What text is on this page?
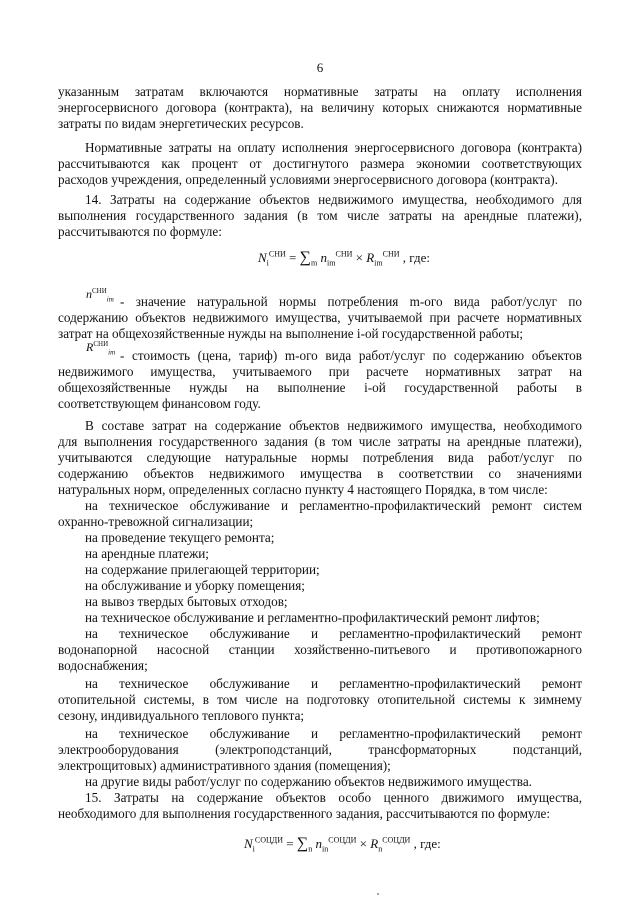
6
указанным затратам включаются нормативные затраты на оплату исполнения
энергосервисного договора (контракта), на величину которых снижаются нормативные
затраты по видам энергетических ресурсов.
Нормативные затраты на оплату исполнения энергосервисного договора (контракта)
рассчитываются как процент от достигнутого размера экономии соответствующих
расходов учреждения, определенный условиями энергосервисного договора (контракта).
14. Затраты на содержание объектов недвижимого имущества, необходимого для
выполнения государственного задания (в том числе затраты на арендные платежи),
рассчитываются по формуле:
$N_i^{СНИ} = \sum_m$ $n_{im}^{СНИ} \times R_{im}^{СНИ}$ , где:
$n^{СНИ}_{im}$ - значение натуральной нормы потребления m-ого вида работ/услуг по
содержанию объектов недвижимого имущества, учитываемой при расчете нормативных
затрат на общехозяйственные нужды на выполнение i-ой государственной работы;
$R^{СНИ}_{im}$ - стоимость (цена, тариф) m-ого вида работ/услуг по содержанию объектов
недвижимого имущества, учитываемого при расчете нормативных затрат на
общехозяйственные нужды на выполнение i-ой государственной работы в
соответствующем финансовом году.
В составе затрат на содержание объектов недвижимого имущества, необходимого
для выполнения государственного задания (в том числе затраты на арендные платежи),
учитываются следующие натуральные нормы потребления вида работ/услуг по
содержанию объектов недвижимого имущества в соответствии со значениями
натуральных норм, определенных согласно пункту 4 настоящего Порядка, в том числе:
на техническое обслуживание и регламентно-профилактический ремонт систем
охранно-тревожной сигнализации;
на проведение текущего ремонта;
на арендные платежи;
на содержание прилегающей территории;
на обслуживание и уборку помещения;
на вывоз твердых бытовых отходов;
на техническое обслуживание и регламентно-профилактический ремонт лифтов;
на техническое обслуживание и регламентно-профилактический ремонт
водонапорной насосной станции хозяйственно-питьевого и противопожарного
водоснабжения;
на техническое обслуживание и регламентно-профилактический ремонт
отопительной системы, в том числе на подготовку отопительной системы к зимнему
сезону, индивидуального теплового пункта;
на техническое обслуживание и регламентно-профилактический ремонт
электрооборудования (электроподстанций, трансформаторных подстанций,
электрощитовых) административного здания (помещения);
на другие виды работ/услуг по содержанию объектов недвижимого имущества.
15. Затраты на содержание объектов особо ценного движимого имущества,
необходимого для выполнения государственного задания, рассчитываются по формуле:
$N_i^{СОЦДИ} = \sum_n$ $n_{in}^{СОЦДИ} \times R_n^{СОЦДИ}$ , где:
